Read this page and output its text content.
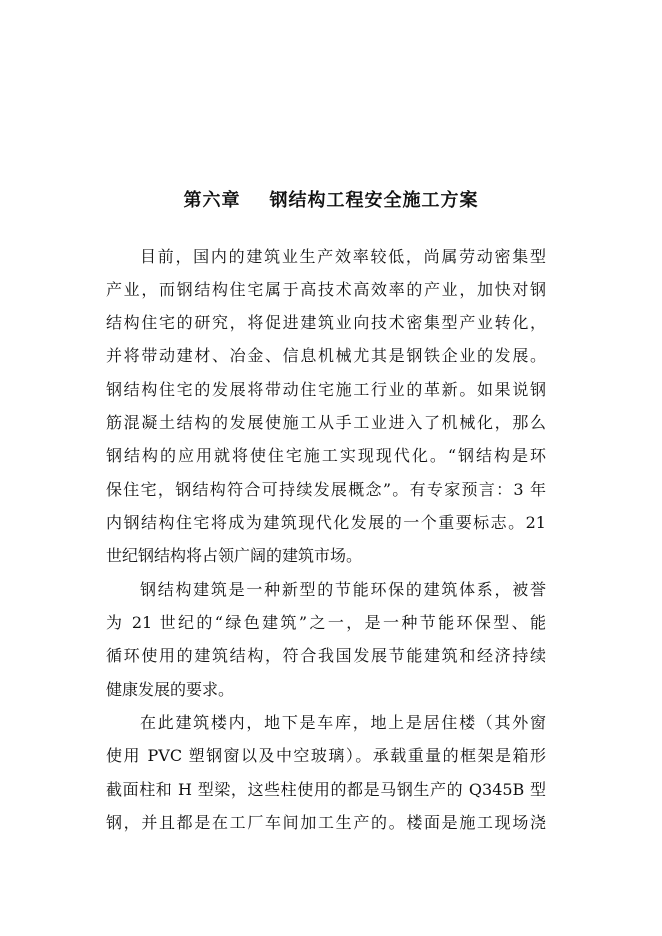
第六章    钢结构工程安全施工方案
目前，国内的建筑业生产效率较低，尚属劳动密集型
产业，而钢结构住宅属于高技术高效率的产业，加快对钢
结构住宅的研究，将促进建筑业向技术密集型产业转化，
并将带动建材、冶金、信息机械尤其是钢铁企业的发展。
钢结构住宅的发展将带动住宅施工行业的革新。如果说钢
筋混凝土结构的发展使施工从手工业进入了机械化，那么
钢结构的应用就将使住宅施工实现现代化。“钢结构是环
保住宅，钢结构符合可持续发展概念”。有专家预言：3 年
内钢结构住宅将成为建筑现代化发展的一个重要标志。21
世纪钢结构将占领广阔的建筑市场。
钢结构建筑是一种新型的节能环保的建筑体系，被誉
为 21 世纪的“绿色建筑”之一，是一种节能环保型、能
循环使用的建筑结构，符合我国发展节能建筑和经济持续
健康发展的要求。
在此建筑楼内，地下是车库，地上是居住楼（其外窗
使用 PVC 塑钢窗以及中空玻璃）。承载重量的框架是箱形
截面柱和 H 型梁，这些柱使用的都是马钢生产的 Q345B 型
钢，并且都是在工厂车间加工生产的。楼面是施工现场浇
